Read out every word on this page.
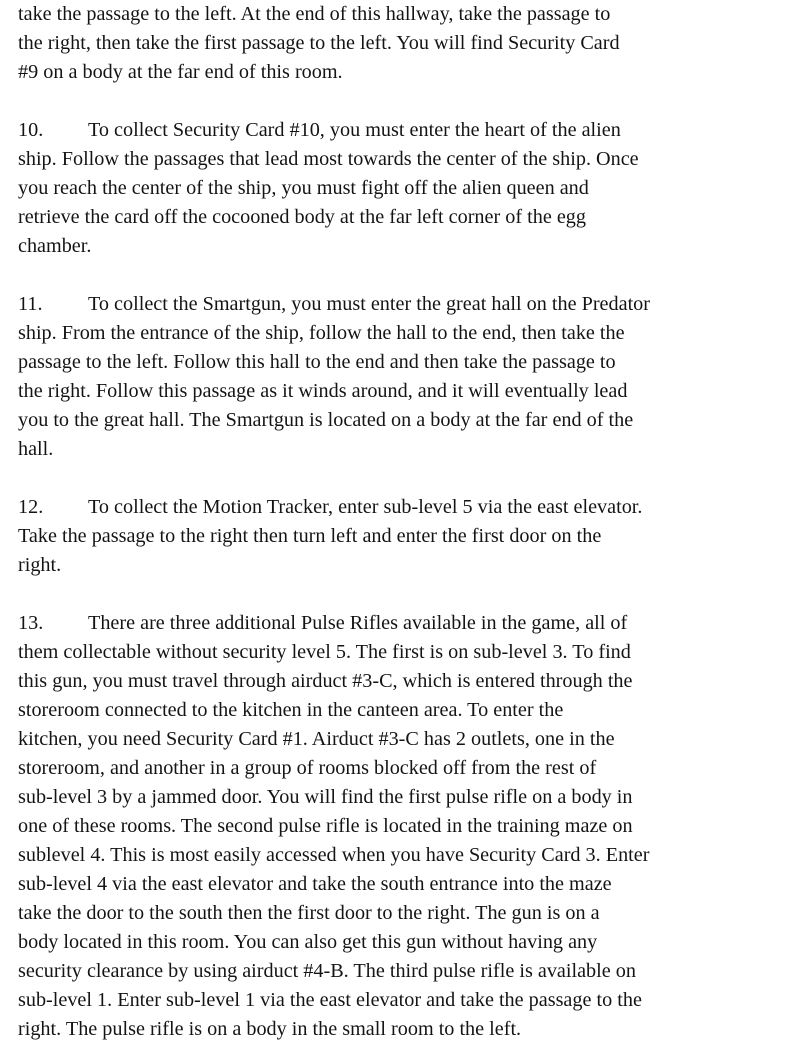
take the passage to the left. At the end of this hallway, take the passage to
the right, then take the first passage to the left. You will find Security Card
#9 on a body at the far end of this room.
10. To collect Security Card #10, you must enter the heart of the alien
ship. Follow the passages that lead most towards the center of the ship. Once
you reach the center of the ship, you must fight off the alien queen and
retrieve the card off the cocooned body at the far left corner of the egg
chamber.
11. To collect the Smartgun, you must enter the great hall on the Predator
ship. From the entrance of the ship, follow the hall to the end, then take the
passage to the left. Follow this hall to the end and then take the passage to
the right. Follow this passage as it winds around, and it will eventually lead
you to the great hall. The Smartgun is located on a body at the far end of the
hall.
12. To collect the Motion Tracker, enter sub-level 5 via the east elevator.
Take the passage to the right then turn left and enter the first door on the
right.
13. There are three additional Pulse Rifles available in the game, all of
them collectable without security level 5. The first is on sub-level 3. To find
this gun, you must travel through airduct #3-C, which is entered through the
storeroom connected to the kitchen in the canteen area. To enter the
kitchen, you need Security Card #1. Airduct #3-C has 2 outlets, one in the
storeroom, and another in a group of rooms blocked off from the rest of
sub-level 3 by a jammed door. You will find the first pulse rifle on a body in
one of these rooms. The second pulse rifle is located in the training maze on
sublevel 4. This is most easily accessed when you have Security Card 3. Enter
sub-level 4 via the east elevator and take the south entrance into the maze
take the door to the south then the first door to the right. The gun is on a
body located in this room. You can also get this gun without having any
security clearance by using airduct #4-B. The third pulse rifle is available on
sub-level 1. Enter sub-level 1 via the east elevator and take the passage to the
right. The pulse rifle is on a body in the small room to the left.
